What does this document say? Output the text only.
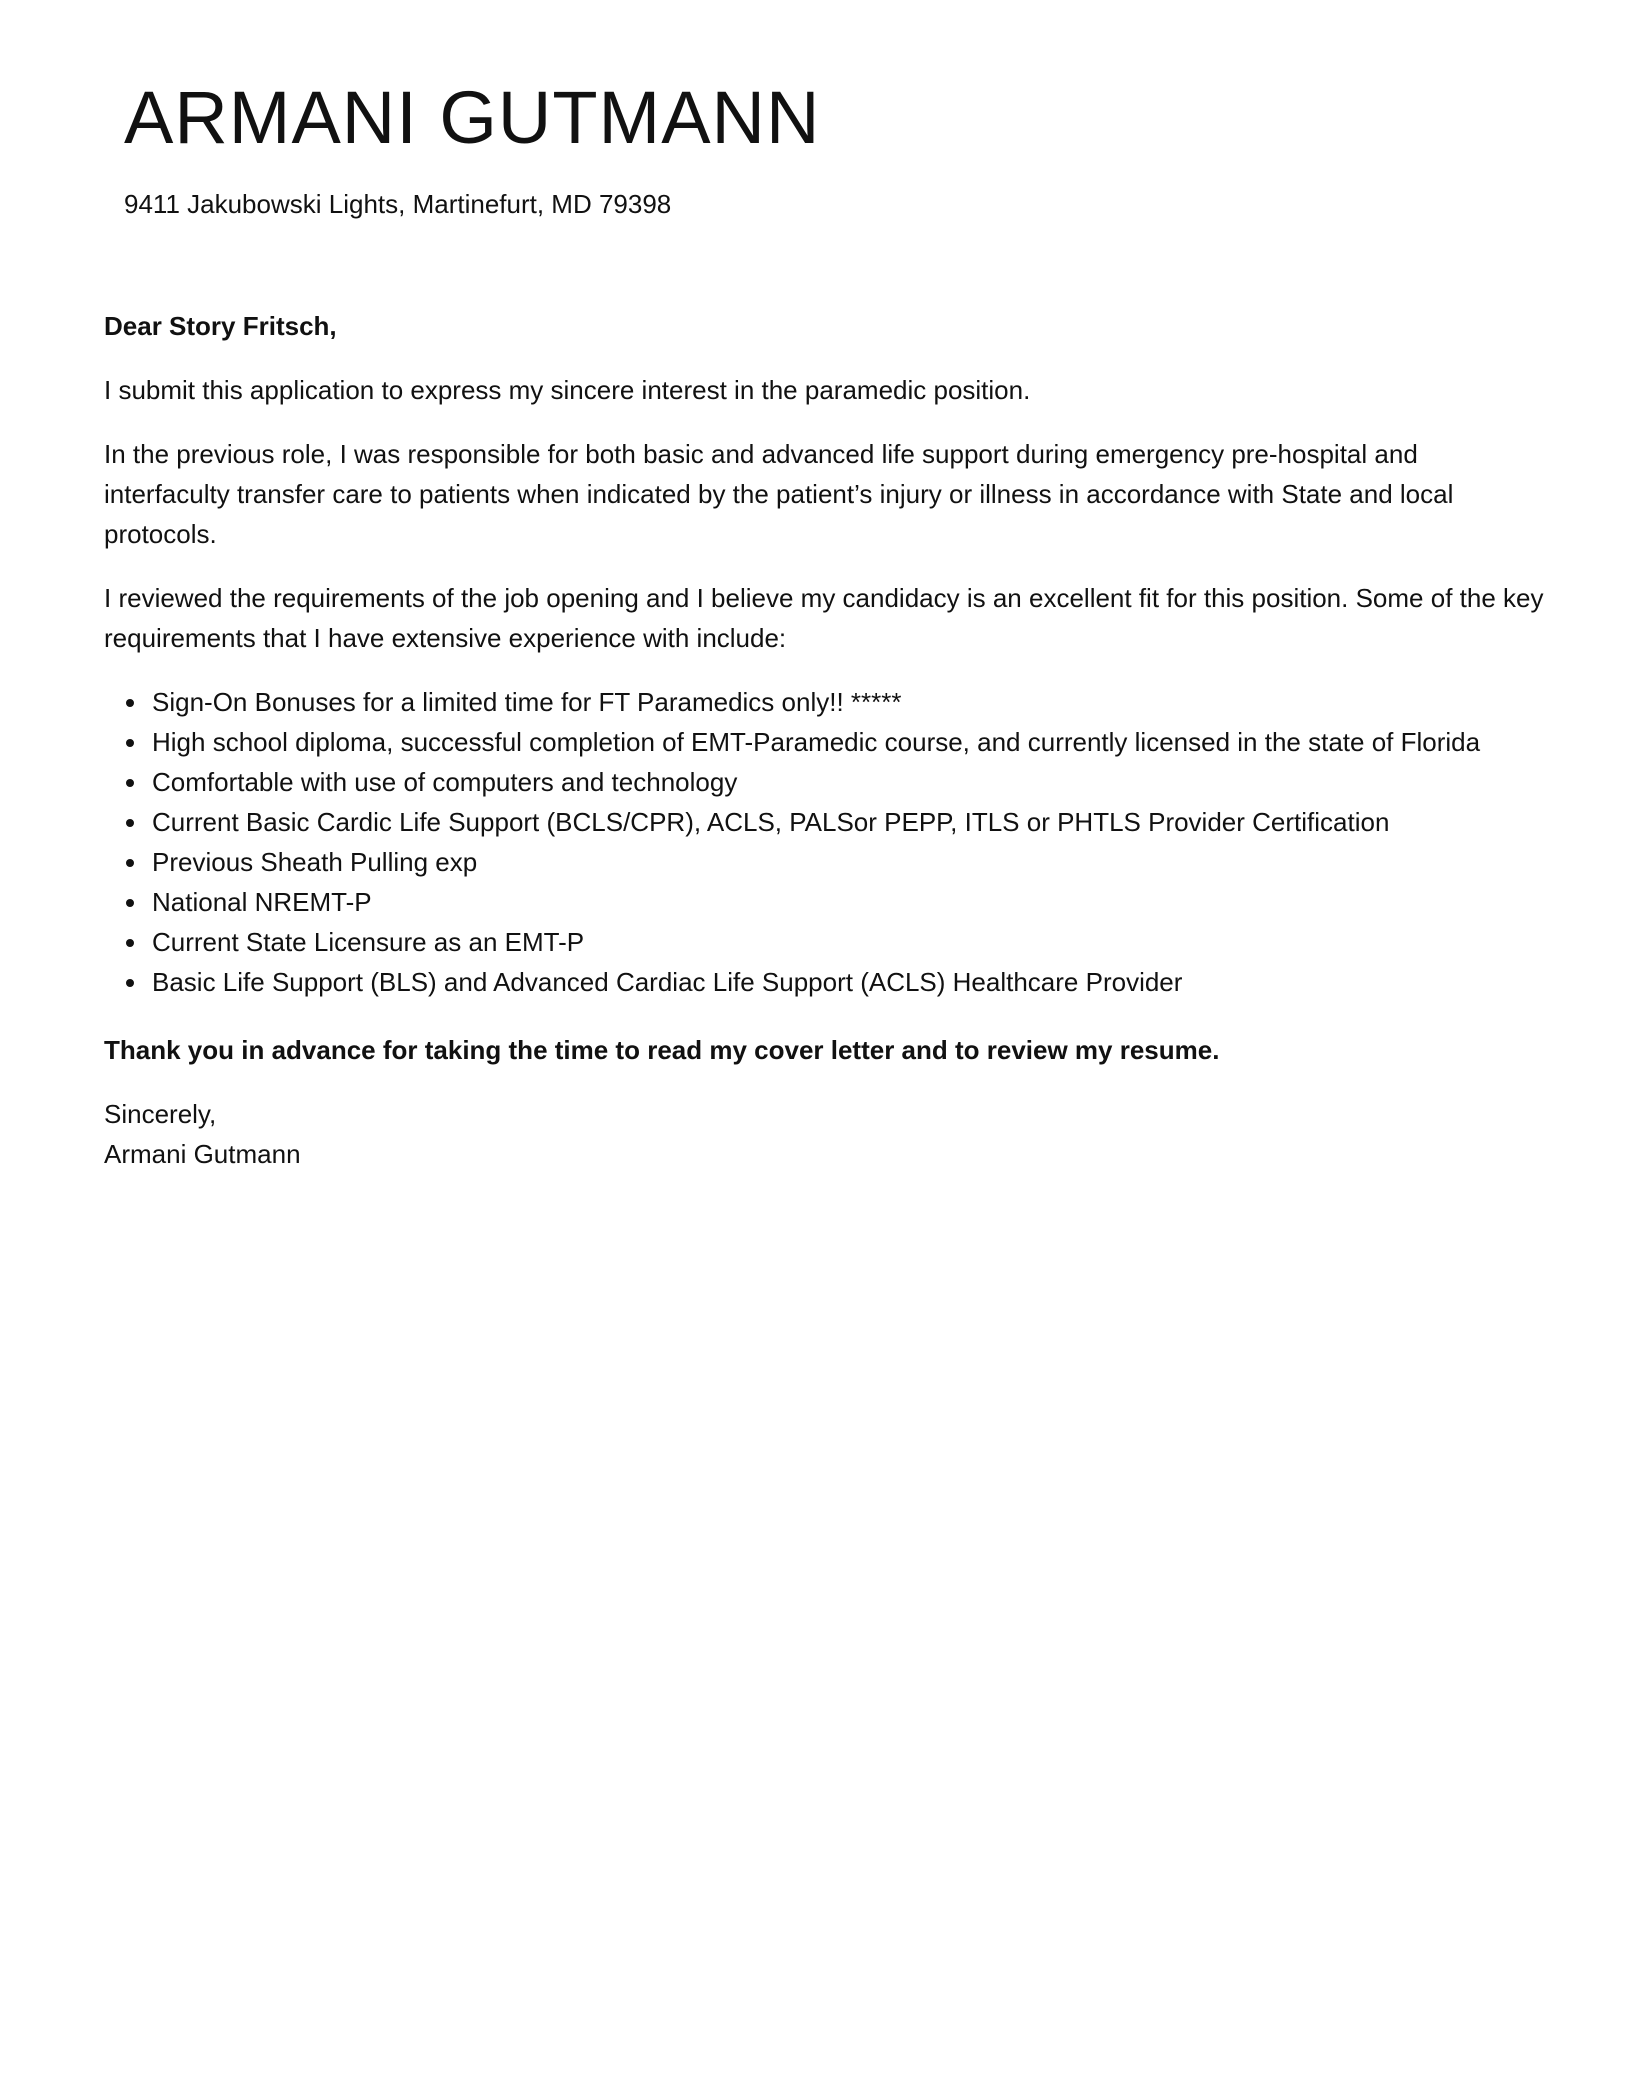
ARMANI GUTMANN
9411 Jakubowski Lights, Martinefurt, MD 79398

Dear Story Fritsch,

I submit this application to express my sincere interest in the paramedic position.

In the previous role, I was responsible for both basic and advanced life support during emergency pre-hospital and interfaculty transfer care to patients when indicated by the patient’s injury or illness in accordance with State and local protocols.

I reviewed the requirements of the job opening and I believe my candidacy is an excellent fit for this position. Some of the key requirements that I have extensive experience with include:

Sign-On Bonuses for a limited time for FT Paramedics only!! *****
High school diploma, successful completion of EMT-Paramedic course, and currently licensed in the state of Florida
Comfortable with use of computers and technology
Current Basic Cardic Life Support (BCLS/CPR), ACLS, PALSor PEPP, ITLS or PHTLS Provider Certification
Previous Sheath Pulling exp
National NREMT-P
Current State Licensure as an EMT-P
Basic Life Support (BLS) and Advanced Cardiac Life Support (ACLS) Healthcare Provider

Thank you in advance for taking the time to read my cover letter and to review my resume.

Sincerely,

Armani Gutmann
